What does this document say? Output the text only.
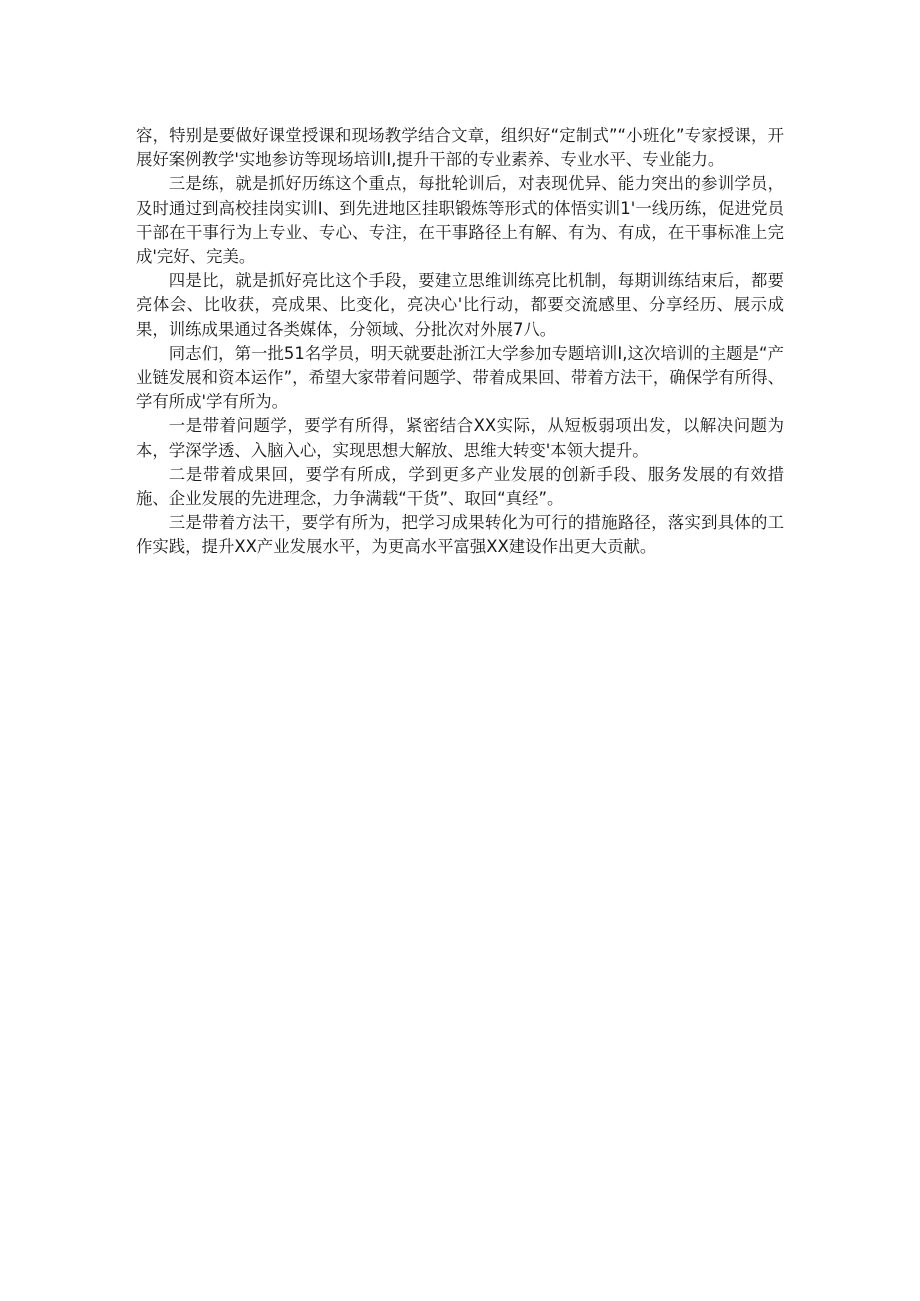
容，特别是要做好课堂授课和现场教学结合文章，组织好“定制式”“小班化”专家授课，开展好案例教学'实地参访等现场培训I,提升干部的专业素养、专业水平、专业能力。

三是练，就是抓好历练这个重点，每批轮训后，对表现优异、能力突出的参训学员，及时通过到高校挂岗实训I、到先进地区挂职锻炼等形式的体悟实训1'一线历练，促进党员干部在干事行为上专业、专心、专注，在干事路径上有解、有为、有成，在干事标准上完成'完好、完美。

四是比，就是抓好亮比这个手段，要建立思维训练亮比机制，每期训练结束后，都要亮体会、比收获，亮成果、比变化，亮决心'比行动，都要交流感里、分享经历、展示成果，训练成果通过各类媒体，分领域、分批次对外展7八。

同志们，第一批51名学员，明天就要赴浙江大学参加专题培训I,这次培训的主题是“产业链发展和资本运作”，希望大家带着问题学、带着成果回、带着方法干，确保学有所得、学有所成'学有所为。

一是带着问题学，要学有所得，紧密结合XX实际，从短板弱项出发，以解决问题为本，学深学透、入脑入心，实现思想大解放、思维大转变'本领大提升。

二是带着成果回，要学有所成，学到更多产业发展的创新手段、服务发展的有效措施、企业发展的先进理念，力争满载“干货”、取回“真经”。

三是带着方法干，要学有所为，把学习成果转化为可行的措施路径，落实到具体的工作实践，提升XX产业发展水平，为更高水平富强XX建设作出更大贡献。
